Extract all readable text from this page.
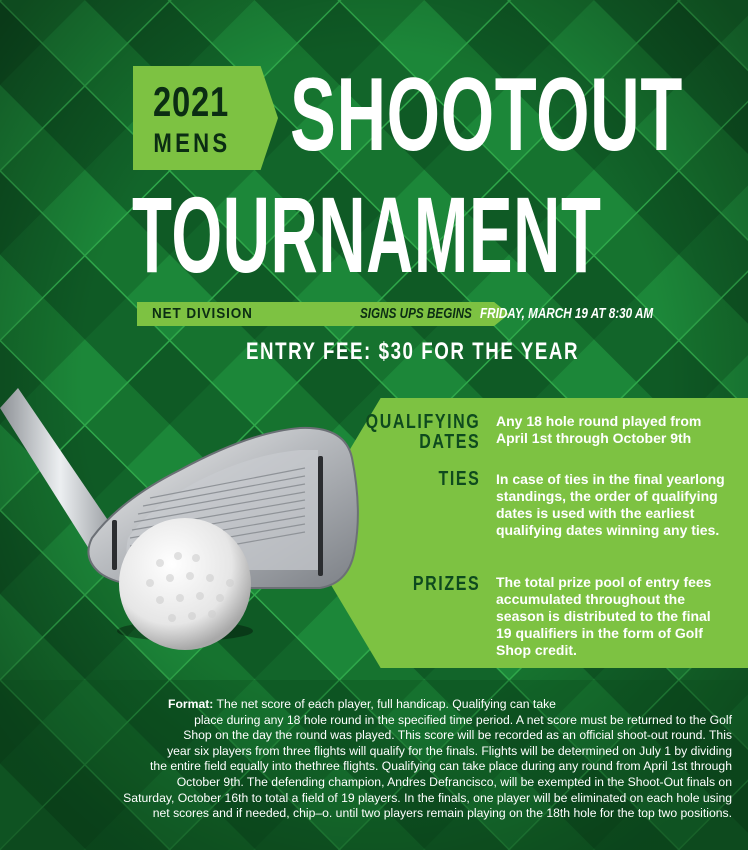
2021
MENS SHOOTOUT
TOURNAMENT
NET DIVISION	SIGNS UPS BEGINS FRIDAY, MARCH 19 AT 8:30 AM
ENTRY FEE: $30 FOR THE YEAR
QUALIFYING
DATES
Any 18 hole round played from April 1st through October 9th
TIES In case of ties in the final yearlong standings, the order of qualifying dates is used with the earliest qualifying dates winning any ties.
PRIZES The total prize pool of entry fees accumulated throughout the season is distributed to the final 19 qualifiers in the form of Golf Shop credit.
Format: The net score of each player, full handicap. Qualifying can take
place during any 18 hole round in the specified time period. A net score must be returned to the Golf
Shop on the day the round was played. This score will be recorded as an official shoot-out round. This
year six players from three flights will qualify for the finals. Flights will be determined on July 1 by dividing
the entire field equally into thethree flights. Qualifying can take place during any round from April 1st through
October 9th. The defending champion, Andres Defrancisco, will be exempted in the Shoot-Out finals on
Saturday, October 16th to total a field of 19 players. In the finals, one player will be eliminated on each hole using
net scores and if needed, chip–o. until two players remain playing on the 18th hole for the top two positions.
